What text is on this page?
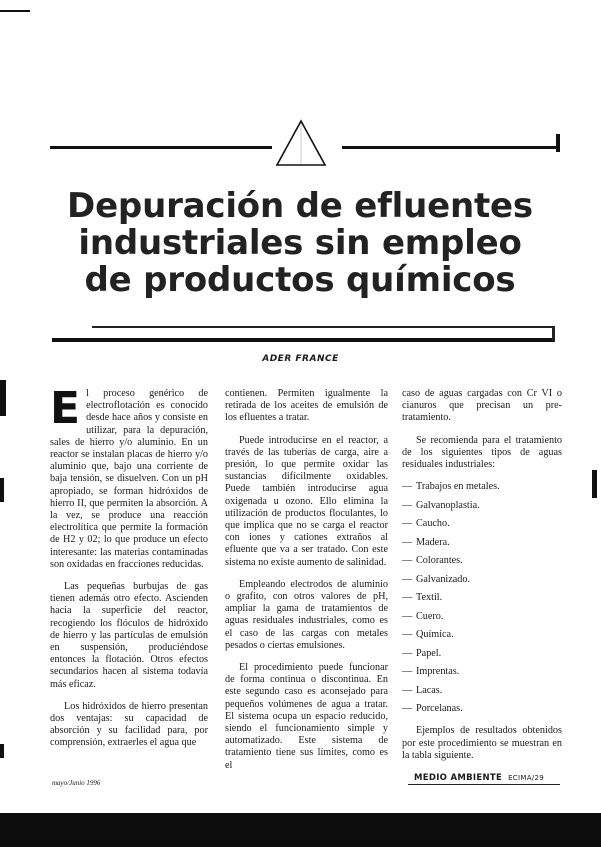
Depuración de efluentes
industriales sin empleo
de productos químicos
ADER FRANCE

El proceso genérico de electroflotación es conocido desde hace años y consiste en utilizar, para la depuración, sales de hierro y/o aluminio. En un reactor se instalan placas de hierro y/o aluminio que, bajo una corriente de baja tensión, se disuelven. Con un pH apropiado, se forman hidróxidos de hierro II, que permiten la absorción. A la vez, se produce una reacción electrolítica que permite la formación de H2 y 02; lo que produce un efecto interesante: las materias contaminadas son oxidadas en fracciones reducidas.

Las pequeñas burbujas de gas tienen además otro efecto. Ascienden hacia la superficie del reactor, recogiendo los flóculos de hidróxido de hierro y las partículas de emulsión en suspensión, produciéndose entonces la flotación. Otros efectos secundarios hacen al sistema todavía más eficaz.

Los hidróxidos de hierro presentan dos ventajas: su capacidad de absorción y su facilidad para, por comprensión, extraerles el agua que

contienen. Permiten igualmente la retirada de los aceites de emulsión de los efluentes a tratar.

Puede introducirse en el reactor, a través de las tuberías de carga, aire a presión, lo que permite oxidar las sustancias difícilmente oxidables. Puede también introducirse agua oxigenada u ozono. Ello elimina la utilización de productos floculantes, lo que implica que no se carga el reactor con iones y cationes extraños al efluente que va a ser tratado. Con este sistema no existe aumento de salinidad.

Empleando electrodos de aluminio o grafito, con otros valores de pH, ampliar la gama de tratamientos de aguas residuales industriales, como es el caso de las cargas con metales pesados o ciertas emulsiones.

El procedimiento puede funcionar de forma continua o discontinua. En este segundo caso es aconsejado para pequeños volúmenes de agua a tratar. El sistema ocupa un espacio reducido, siendo el funcionamiento simple y automatizado. Este sistema de tratamiento tiene sus límites, como es el

caso de aguas cargadas con Cr VI o cianuros que precisan un pre-tratamiento.

Se recomienda para el tratamiento de los siguientes tipos de aguas residuales industriales:

— Trabajos en metales.
— Galvanoplastia.
— Caucho.
— Madera.
— Colorantes.
— Galvanizado.
— Textil.
— Cuero.
— Química.
— Papel.
— Imprentas.
— Lacas.
— Porcelanas.

Ejemplos de resultados obtenidos por este procedimiento se muestran en la tabla siguiente.

mayo/Junio 1996	MEDIO AMBIENTE ECIMA/29
